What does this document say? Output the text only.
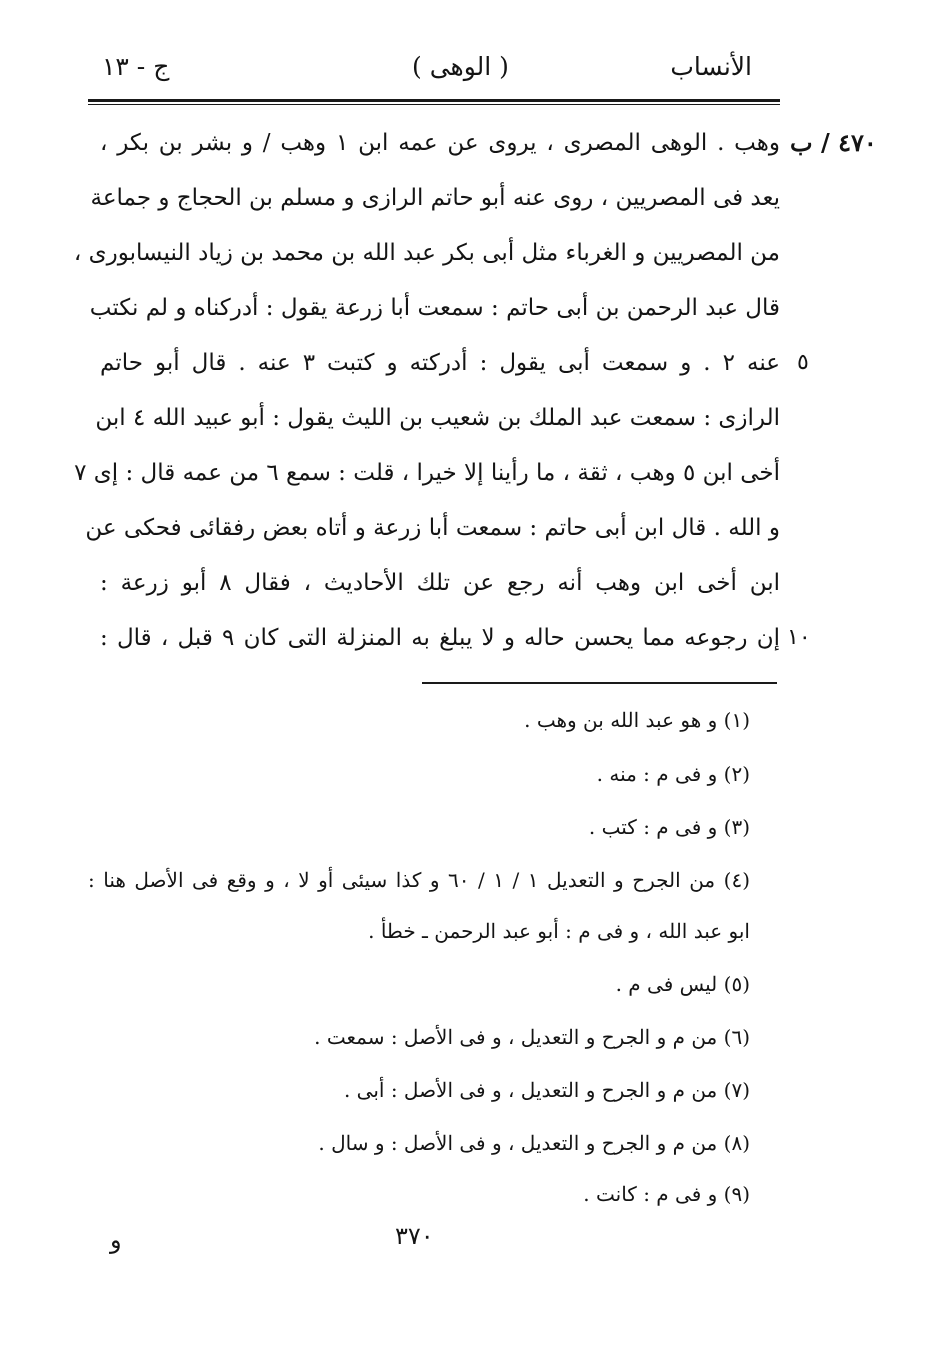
الأنساب
( الوهى )
ج - ١٣
٤٧٠ / ب
وهب . الوهى المصرى ، يروى عن عمه ابن ١ وهب / و بشر بن بكر ،
يعد فى المصريين ، روى عنه أبو حاتم الرازى و مسلم بن الحجاج و جماعة
من المصريين و الغرباء مثل أبى بكر عبد الله بن محمد بن زياد النيسابورى ،
قال عبد الرحمن بن أبى حاتم : سمعت أبا زرعة يقول : أدركناه و لم نكتب
عنه ٢ . و سمعت أبى يقول : أدركته و كتبت ٣ عنه . قال أبو حاتم
الرازى : سمعت عبد الملك بن شعيب بن الليث يقول : أبو عبيد الله ٤ ابن
أخى ابن ٥ وهب ، ثقة ، ما رأينا إلا خيرا ، قلت : سمع ٦ من عمه قال : إى ٧
و الله . قال ابن أبى حاتم : سمعت أبا زرعة و أتاه بعض رفقائى فحكى عن
ابن أخى ابن وهب أنه رجع عن تلك الأحاديث ، فقال ٨ أبو زرعة :
إن رجوعه مما يحسن حاله و لا يبلغ به المنزلة التى كان ٩ قبل ، قال :
٥
١٠
(١) و هو عبد الله بن وهب .
(٢) و فى م : منه .
(٣) و فى م : كتب .
(٤) من الجرح و التعديل ١ / ١ / ٦٠ و كذا سيئى أو لا ، و وقع فى الأصل هنا :
ابو عبد الله ، و فى م : أبو عبد الرحمن ـ خطأ .
(٥) ليس فى م .
(٦) من م و الجرح و التعديل ، و فى الأصل : سمعت .
(٧) من م و الجرح و التعديل ، و فى الأصل : أبى .
(٨) من م و الجرح و التعديل ، و فى الأصل : و سال .
(٩) و فى م : كانت .
٣٧٠
و
